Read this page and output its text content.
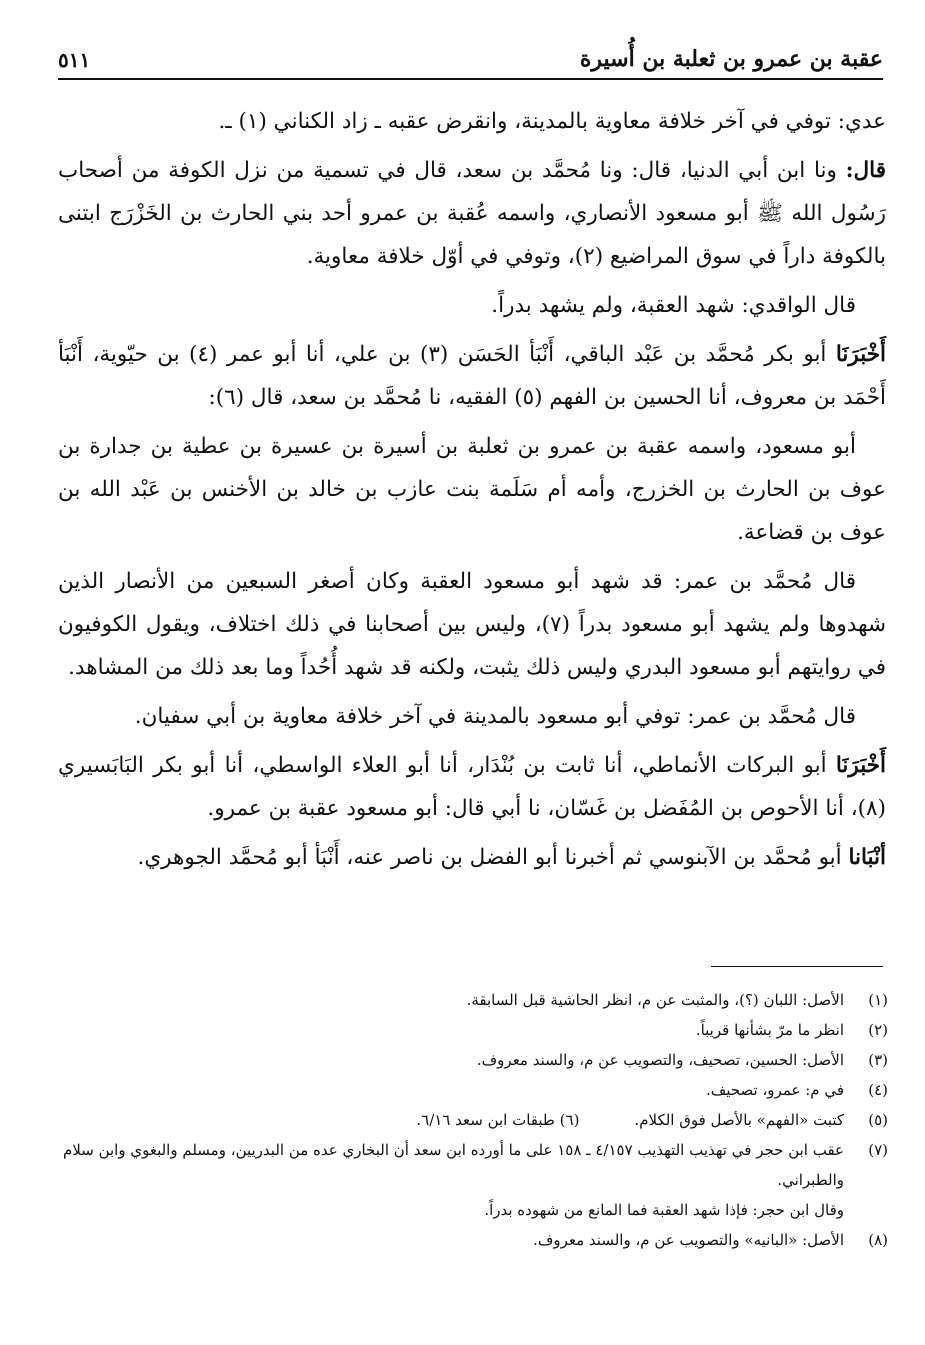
عقبة بن عمرو بن ثعلبة بن أُسيرة
٥١١

عدي: توفي في آخر خلافة معاوية بالمدينة، وانقرض عقبه ـ زاد الكناني (١) ـ.

قال: ونا ابن أبي الدنيا، قال: ونا مُحمَّد بن سعد، قال في تسمية من نزل الكوفة من أصحاب رَسُول الله ﷺ أبو مسعود الأنصاري، واسمه عُقبة بن عمرو أحد بني الحارث بن الخَزْرَج ابتنى بالكوفة داراً في سوق المراضيع (٢)، وتوفي في أوّل خلافة معاوية.

قال الواقدي: شهد العقبة، ولم يشهد بدراً.

أَخْبَرَنَا أبو بكر مُحمَّد بن عَبْد الباقي، أَنْبَأ الحَسَن (٣) بن علي، أنا أبو عمر (٤) بن حيّوية، أَنْبَأ أَحْمَد بن معروف، أنا الحسين بن الفهم (٥) الفقيه، نا مُحمَّد بن سعد، قال (٦):

أبو مسعود، واسمه عقبة بن عمرو بن ثعلبة بن أسيرة بن عسيرة بن عطية بن جدارة بن عوف بن الحارث بن الخزرج، وأمه أم سَلَمة بنت عازب بن خالد بن الأخنس بن عَبْد الله بن عوف بن قضاعة.

قال مُحمَّد بن عمر: قد شهد أبو مسعود العقبة وكان أصغر السبعين من الأنصار الذين شهدوها ولم يشهد أبو مسعود بدراً (٧)، وليس بين أصحابنا في ذلك اختلاف، ويقول الكوفيون في روايتهم أبو مسعود البدري وليس ذلك يثبت، ولكنه قد شهد أُحُداً وما بعد ذلك من المشاهد.

قال مُحمَّد بن عمر: توفي أبو مسعود بالمدينة في آخر خلافة معاوية بن أبي سفيان.

أَخْبَرَنَا أبو البركات الأنماطي، أنا ثابت بن بُنْدَار، أنا أبو العلاء الواسطي، أنا أبو بكر البَابَسيري (٨)، أنا الأحوص بن المُفَضل بن غَسّان، نا أبي قال: أبو مسعود عقبة بن عمرو.

أنْبَانا أبو مُحمَّد بن الآبنوسي ثم أخبرنا أبو الفضل بن ناصر عنه، أَنْبَأ أبو مُحمَّد الجوهري.

(١)
الأصل: اللبان (؟)، والمثبت عن م، انظر الحاشية قبل السابقة.
(٢)
انظر ما مرّ بشأنها قريباً.
(٣)
الأصل: الحسين، تصحيف، والتصويب عن م، والسند معروف.
(٤)
في م: عمرو، تصحيف.
(٥)
كتبت «الفهم» بالأصل فوق الكلام.(٦) طبقات ابن سعد ٦/١٦.
(٧)
عقب ابن حجر في تهذيب التهذيب ٤/١٥٧ ـ ١٥٨ على ما أورده ابن سعد أن البخاري عده من البدريين، ومسلم والبغوي وابن سلام والطبراني.
وقال ابن حجر: فإذا شهد العقبة فما المانع من شهوده بدراً.
(٨)
الأصل: «البانيه» والتصويب عن م، والسند معروف.
